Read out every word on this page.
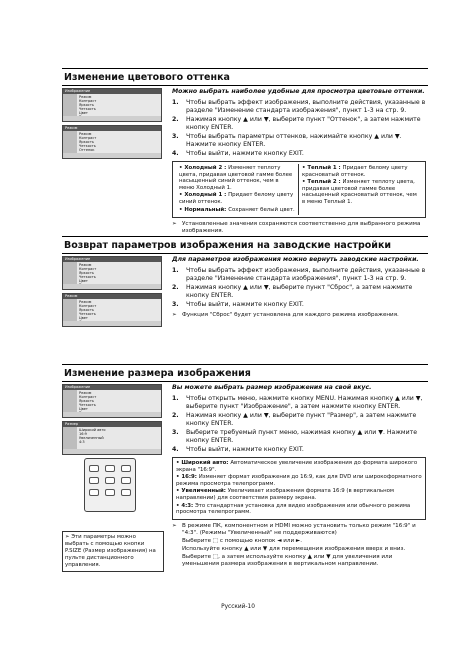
Изменение цветового оттенка
Изображение
Режим
Контраст
Яркость
Четкость
Цвет
Режим
Режим
Контраст
Яркость
Четкость
Оттенок
Можно выбрать наиболее удобные для просмотра цветовые оттенки.
1. Чтобы выбрать эффект изображения, выполните действия, указанные в разделе "Изменение стандарта изображения", пункт 1-3 на стр. 9.
2. Нажимая кнопку ▲ или ▼, выберите пункт "Оттенок", а затем нажмите кнопку ENTER.
3. Чтобы выбрать параметры оттенков, нажимайте кнопку ▲ или ▼. Нажмите кнопку ENTER.
4. Чтобы выйти, нажмите кнопку EXIT.
• Холодный 2 : Изменяет теплоту цвета, придавая цветовой гамме более насыщенный синий оттенок, чем в меню Холодный 1.
• Холодный 1 : Придает белому цвету синий оттенок.
• Нормальный: Сохраняет белый цвет.
• Теплый 1 : Придает белому цвету красноватый оттенок.
• Теплый 2 : Изменяет теплоту цвета, придавая цветовой гамме более насыщенный красноватый оттенок, чем в меню Теплый 1.
➢ Установленные значения сохраняются соответственно для выбранного режима изображения.
Возврат параметров изображения на заводские настройки
Изображение
Режим
Контраст
Яркость
Четкость
Цвет
Режим
Режим
Контраст
Яркость
Четкость
Цвет
Для параметров изображения можно вернуть заводские настройки.
1. Чтобы выбрать эффект изображения, выполните действия, указанные в разделе "Изменение стандарта изображения", пункт 1-3 на стр. 9.
2. Нажимая кнопку ▲ или ▼, выберите пункт "Сброс", а затем нажмите кнопку ENTER.
3. Чтобы выйти, нажмите кнопку EXIT.
➢ Функция "Сброс" будет установлена для каждого режима изображения.
Изменение размера изображения
Изображение
Режим
Контраст
Яркость
Четкость
Цвет
Размер
Широкий авто
16:9
Увеличенный
4:3
Вы можете выбрать размер изображения на свой вкус.
1. Чтобы открыть меню, нажмите кнопку MENU. Нажимая кнопку ▲ или ▼, выберите пункт "Изображение", а затем нажмите кнопку ENTER.
2. Нажимая кнопку ▲ или ▼, выберите пункт "Размер", а затем нажмите кнопку ENTER.
3. Выберите требуемый пункт меню, нажимая кнопку ▲ или ▼. Нажмите кнопку ENTER.
4. Чтобы выйти, нажмите кнопку EXIT.
• Широкий авто: Автоматическое увеличение изображения до формата широкого экрана "16:9".
• 16:9: Изменяет формат изображения до 16:9, как для DVD или широкоформатного режима просмотра телепрограмм.
• Увеличенный: Увеличивает изображения формата 16:9 (в вертикальном направлении) для соответствия размеру экрана.
• 4:3: Это стандартная установка для видео изображения или обычного режима просмотра телепрограмм.
➢ В режиме ПК, компонентном и HDMI можно установить только режим "16:9" и "4:3". (Режимы "Увеличенный" не поддерживаются)
Выберите ⬚ с помощью кнопок ◄ или ►.
Используйте кнопку ▲ или ▼ для перемещения изображения вверх и вниз.
Выберите ⬚, а затем используйте кнопку ▲ или ▼ для увеличения или уменьшения размера изображения в вертикальном направлении.
➢ Эти параметры можно выбрать с помощью кнопки P.SIZE (Размер изображения) на пульте дистанционного управления.
Русский-10
